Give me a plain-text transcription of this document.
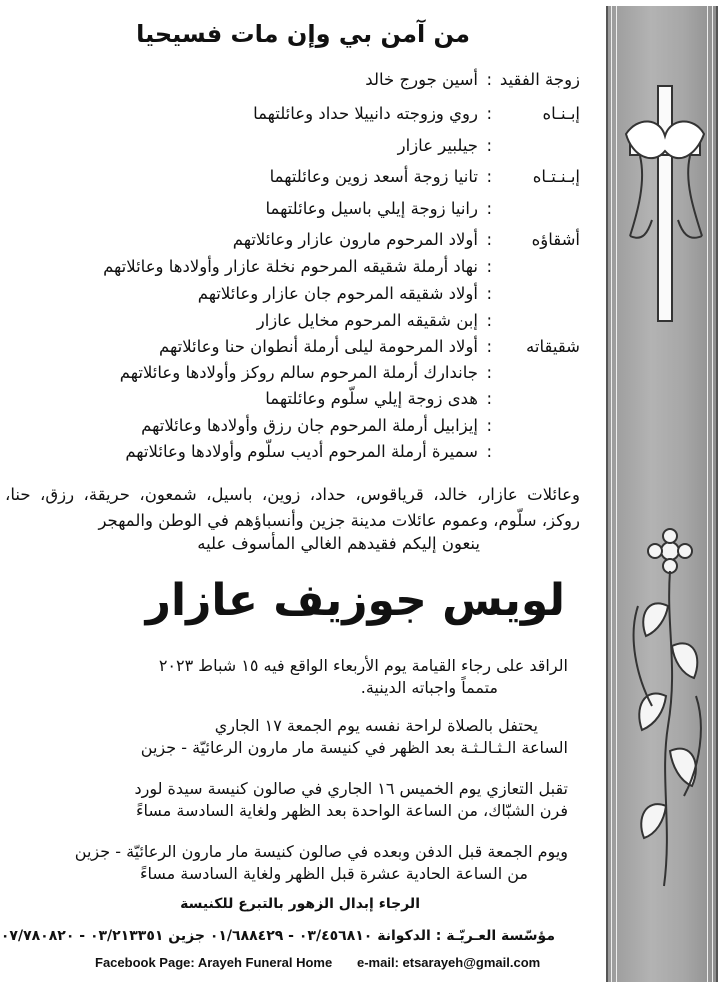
من آمن بي وإن مات فسيحيا
زوجة الفقيد:أسين جورج خالد
إبـنـاه:روي وزوجته دانييلا حداد وعائلتهما
:جيلبير عازار
إبـنـتـاه:تانيا زوجة أسعد زوين وعائلتهما
:رانيا زوجة إيلي باسيل وعائلتهما
أشقاؤه:أولاد المرحوم مارون عازار وعائلاتهم
:نهاد أرملة شقيقه المرحوم نخلة عازار وأولادها وعائلاتهم
:أولاد شقيقه المرحوم جان عازار وعائلاتهم
:إبن شقيقه المرحوم مخايل عازار
شقيقاته:أولاد المرحومة ليلى أرملة أنطوان حنا وعائلاتهم
:جاندارك أرملة المرحوم سالم روكز وأولادها وعائلاتهم
:هدى زوجة إيلي سلّوم وعائلتهما
:إيزابيل أرملة المرحوم جان رزق وأولادها وعائلاتهم
:سميرة أرملة المرحوم أديب سلّوم وأولادها وعائلاتهم
وعائلات عازار، خالد، قرياقوس، حداد، زوين، باسيل، شمعون، حريقة، رزق، حنا، روكز، سلّوم، وعموم عائلات مدينة جزين وأنسباؤهم في الوطن والمهجر
ينعون إليكم فقيدهم الغالي المأسوف عليه
لويس جوزيف عازار
الراقد على رجاء القيامة يوم الأربعاء الواقع فيه ١٥ شباط ٢٠٢٣
متمماً واجباته الدينية.
يحتفل بالصلاة لراحة نفسه يوم الجمعة ١٧ الجاري
الساعة الـثـالـثـة بعد الظهر في كنيسة مار مارون الرعائيّة - جزين
تقبل التعازي يوم الخميس ١٦ الجاري في صالون كنيسة سيدة لورد
فرن الشبّاك، من الساعة الواحدة بعد الظهر ولغاية السادسة مساءً
ويوم الجمعة قبل الدفن وبعده في صالون كنيسة مار مارون الرعائيّة - جزين
من الساعة الحادية عشرة قبل الظهر ولغاية السادسة مساءً
الرجاء إبدال الزهور بالتبرع للكنيسة
مؤسّسة العـريّـة : الدكوانة ٠٣/٤٥٦٨١٠ - ٠١/٦٨٨٤٢٩ جزين ٠٣/٢١٣٣٥١ - ٠٧/٧٨٠٨٢٠
Facebook Page: Arayeh Funeral Home e-mail: etsarayeh@gmail.com
